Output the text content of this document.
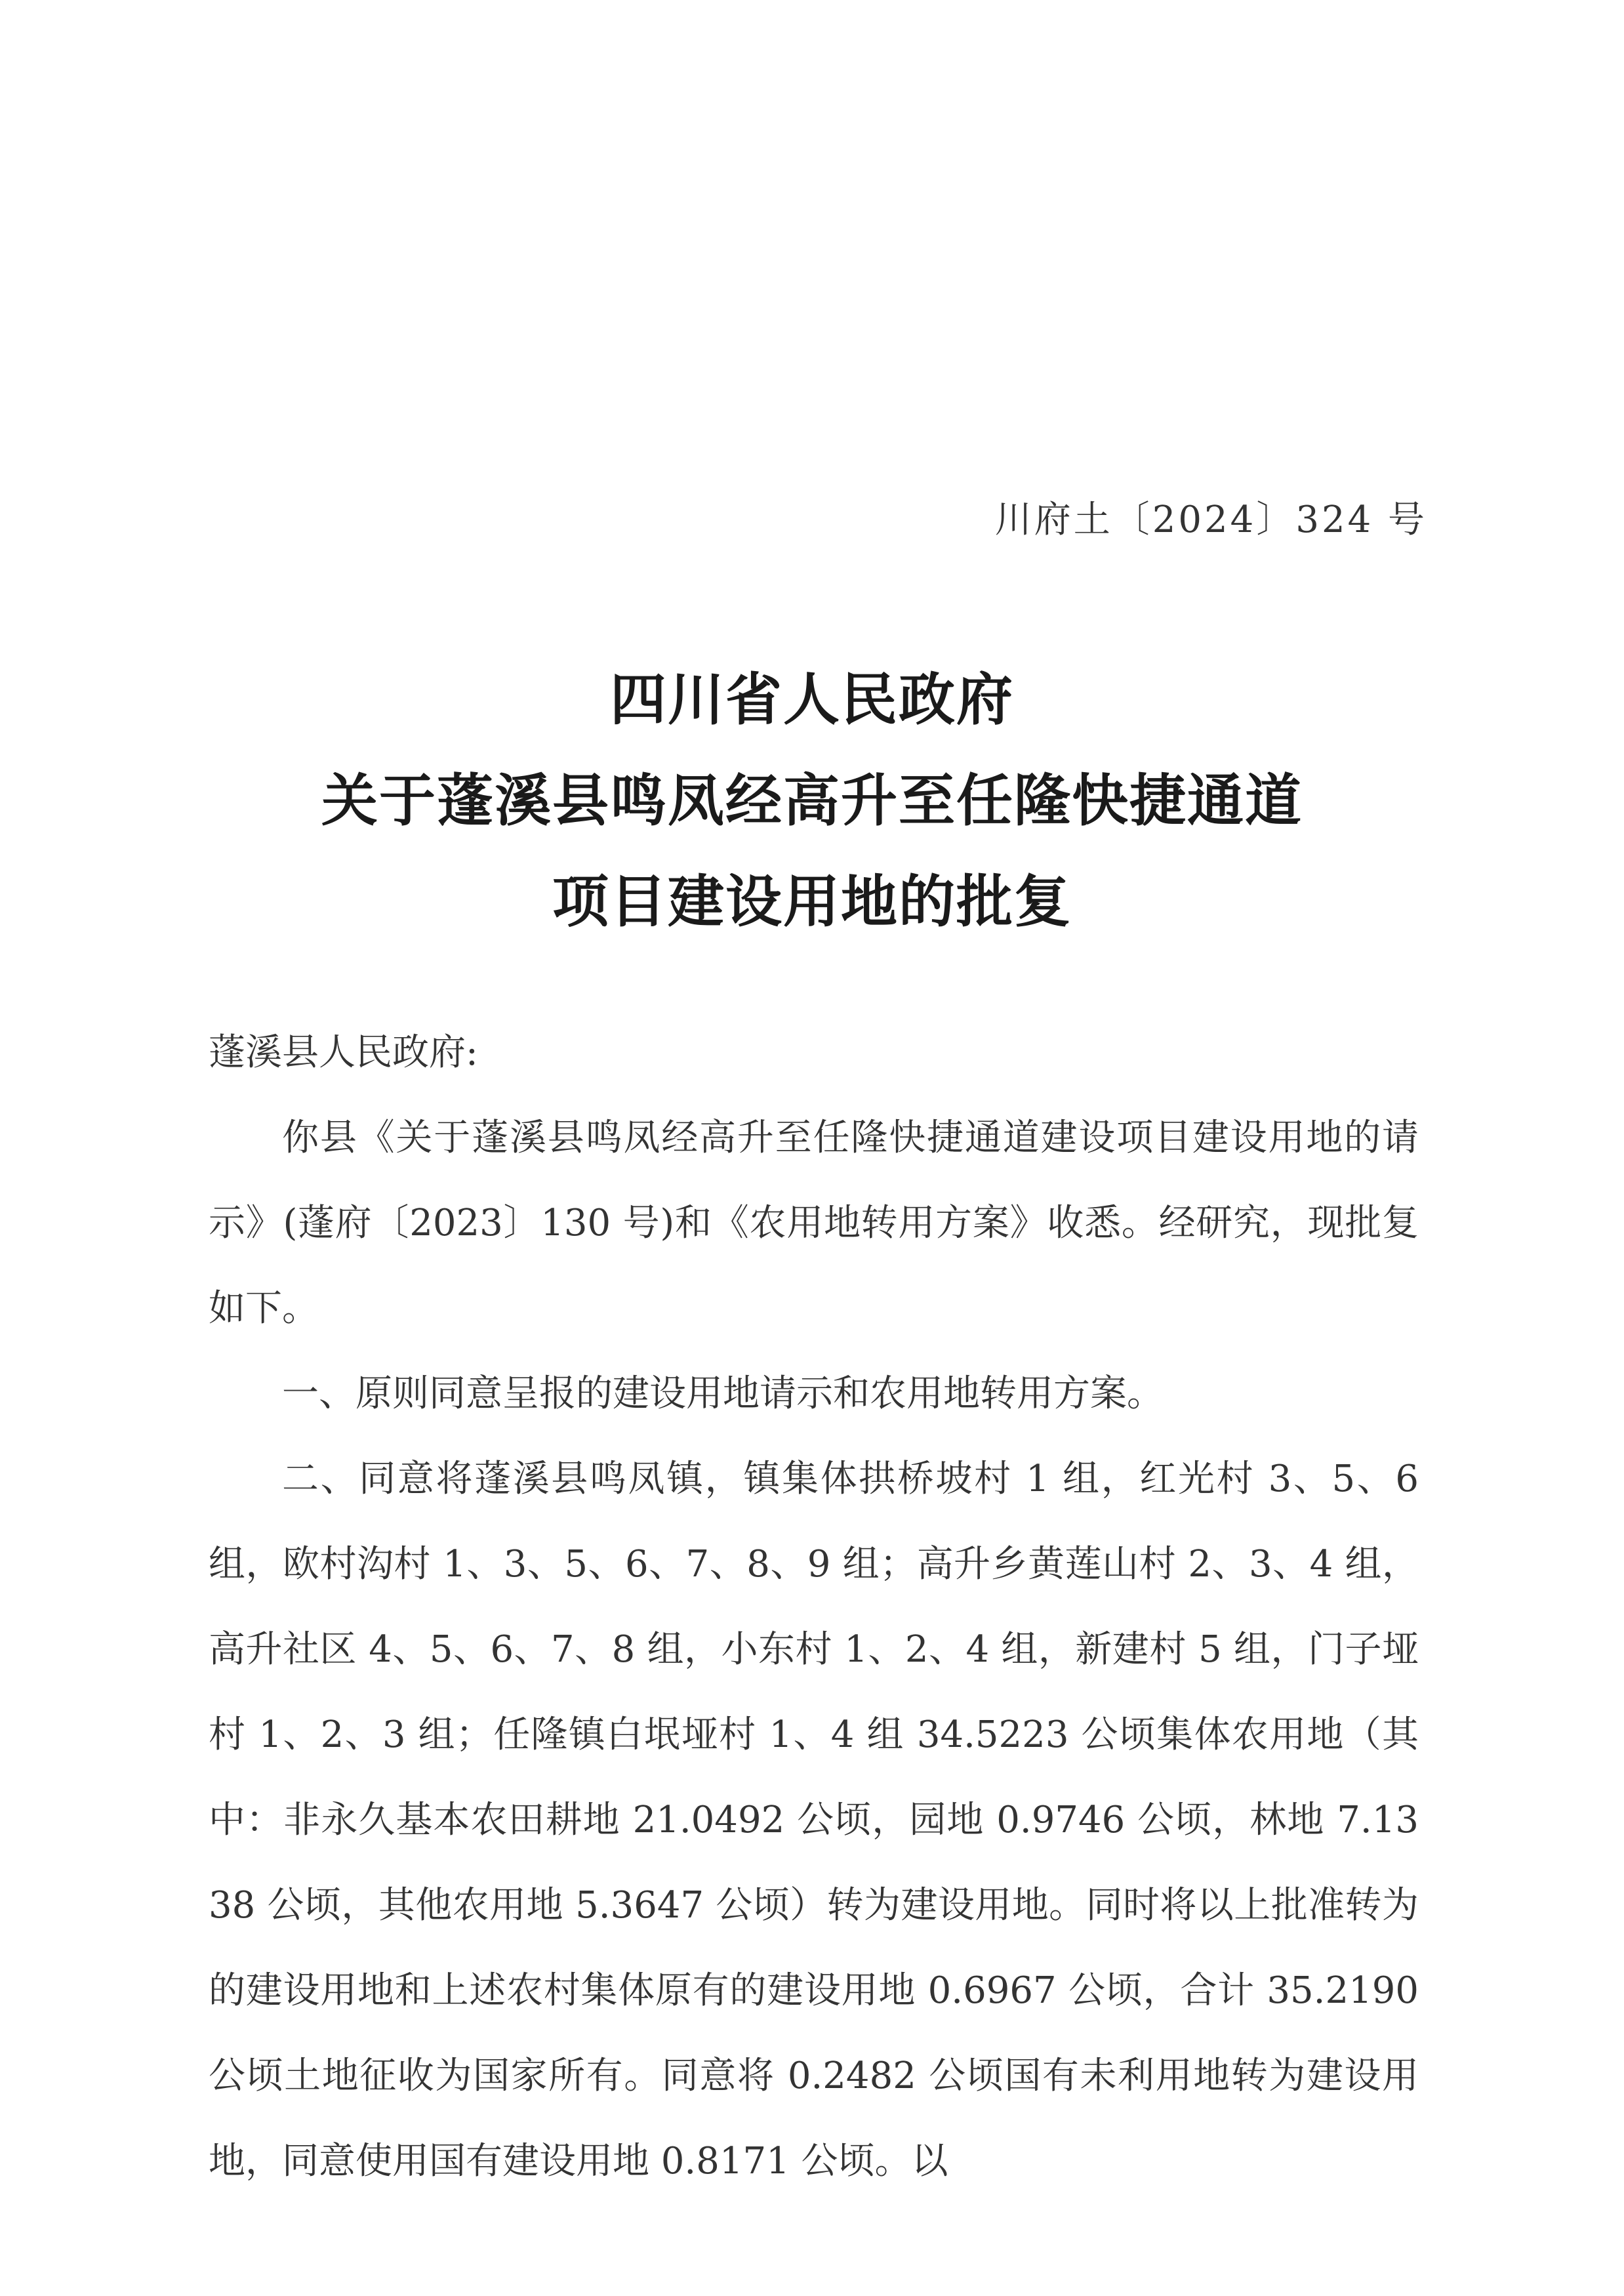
川府土〔2024〕324 号
四川省人民政府
关于蓬溪县鸣凤经高升至任隆快捷通道
项目建设用地的批复

蓬溪县人民政府:

你县《关于蓬溪县鸣凤经高升至任隆快捷通道建设项目建设用地的请示》(蓬府〔2023〕130 号)和《农用地转用方案》收悉。经研究，现批复如下。

一、原则同意呈报的建设用地请示和农用地转用方案。

二、同意将蓬溪县鸣凤镇，镇集体拱桥坡村 1 组，红光村 3、5、6 组，欧村沟村 1、3、5、6、7、8、9 组；高升乡黄莲山村 2、3、4 组，高升社区 4、5、6、7、8 组，小东村 1、2、4 组，新建村 5 组，门子垭村 1、2、3 组；任隆镇白垊垭村 1、4 组 34.5223 公顷集体农用地（其中：非永久基本农田耕地 21.0492 公顷，园地 0.9746 公顷，林地 7.1338 公顷，其他农用地 5.3647 公顷）转为建设用地。同时将以上批准转为的建设用地和上述农村集体原有的建设用地 0.6967 公顷，合计 35.2190 公顷土地征收为国家所有。同意将 0.2482 公顷国有未利用地转为建设用地，同意使用国有建设用地 0.8171 公顷。以
